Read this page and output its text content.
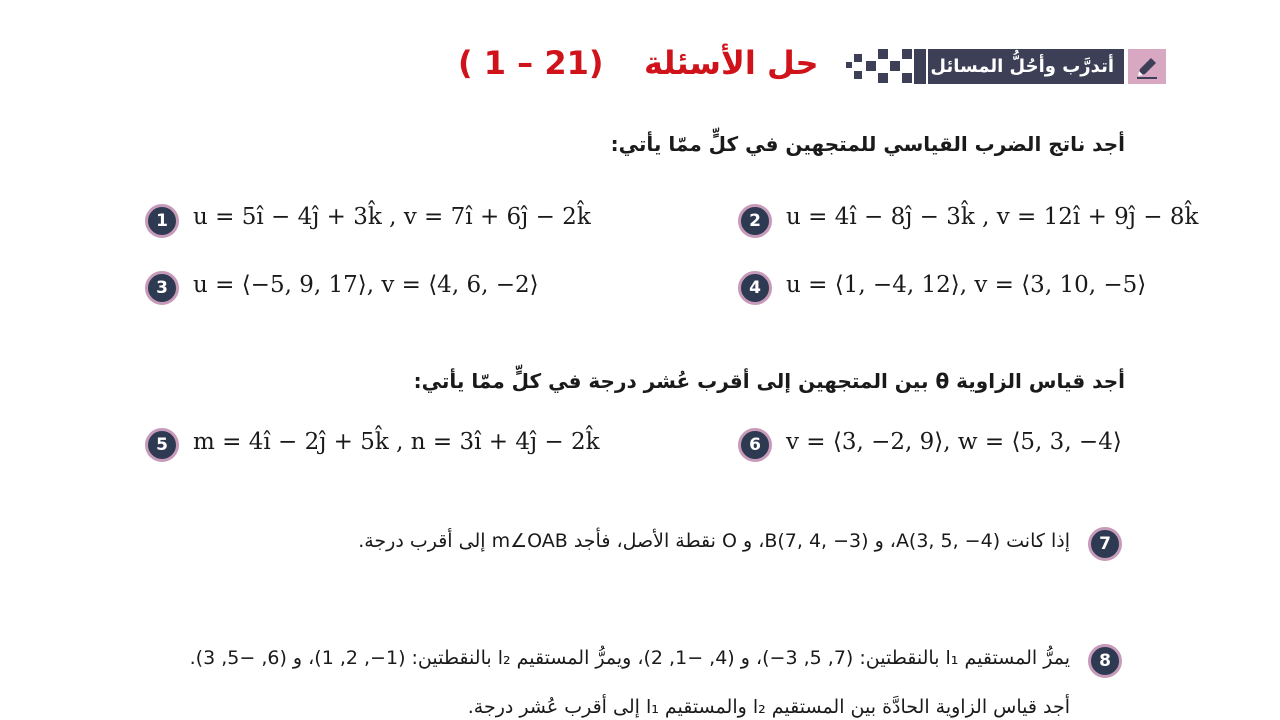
أتدرَّب وأحُلُّ المسائل
حل الأسئلة
( 1 – 21)
أجد ناتج الضرب القياسي للمتجهين في كلٍّ ممّا يأتي:
1	u = 5î − 4ĵ + 3k̂ , v = 7î + 6ĵ − 2k̂	2	u = 4î − 8ĵ − 3k̂ , v = 12î + 9ĵ − 8k̂
3	u = ⟨−5, 9, 17⟩, v = ⟨4, 6, −2⟩	4	u = ⟨1, −4, 12⟩, v = ⟨3, 10, −5⟩
أجد قياس الزاوية θ بين المتجهين إلى أقرب عُشر درجة في كلٍّ ممّا يأتي:
5	m = 4î − 2ĵ + 5k̂ , n = 3î + 4ĵ − 2k̂	6	v = ⟨3, −2, 9⟩, w = ⟨5, 3, −4⟩
7
إذا كانت A(3, 5, −4)، و B(7, 4, −3)، و O نقطة الأصل، فأجد m∠OAB إلى أقرب درجة.
8
يمرُّ المستقيم l₁ بالنقطتين: (7, 5, 3−)، و (4, −1, 2)، ويمرُّ المستقيم l₂ بالنقطتين: (1−, 2, 1)، و (6, −5, 3).
أجد قياس الزاوية الحادَّة بين المستقيم l₂ والمستقيم l₁ إلى أقرب عُشر درجة.
